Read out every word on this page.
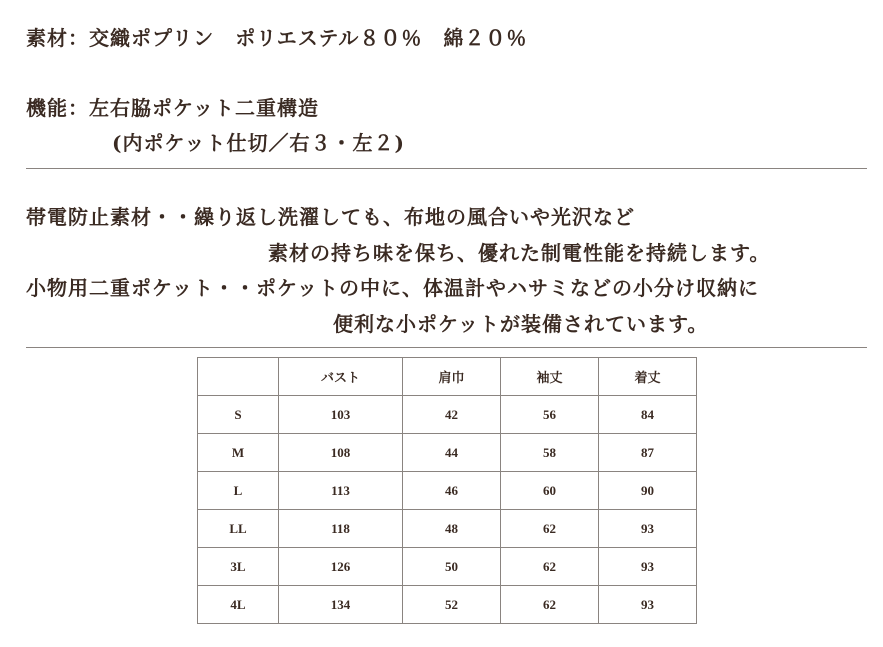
素材：交織ポプリン　ポリエステル８０％　綿２０％
機能：左右脇ポケット二重構造
(内ポケット仕切／右３・左２)
帯電防止素材・・繰り返し洗濯しても、布地の風合いや光沢など
素材の持ち味を保ち、優れた制電性能を持続します。
小物用二重ポケット・・ポケットの中に、体温計やハサミなどの小分け収納に
便利な小ポケットが装備されています。
	バスト	肩巾	袖丈	着丈
S	103	42	56	84
M	108	44	58	87
L	113	46	60	90
LL	118	48	62	93
3L	126	50	62	93
4L	134	52	62	93
